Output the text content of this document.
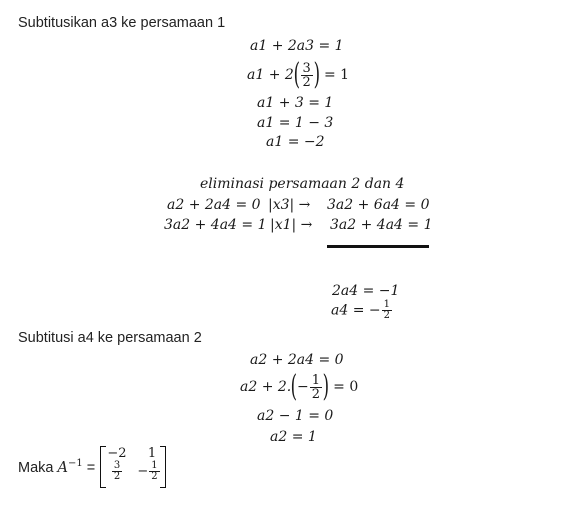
Subtitusikan a3 ke persamaan 1
a1 + 2a3 = 1
$a1 + 2( \frac{3}{2}$ ) = 1
a1 + 3 = 1
a1 = 1 − 3
a1 = −2
eliminasi persamaan 2 dan 4
a2 + 2a4 = 0 |x3| → 3a2 + 6a4 = 0
3a2 + 4a4 = 1 |x1| → 3a2 + 4a4 = 1
2a4 = −1
a4 = − $\frac{1}{2}$
Subtitusi a4 ke persamaan 2
a2 + 2a4 = 0
$a2 + 2.(- \frac{1}{2}$ ) = 0
a2 − 1 = 0
a2 = 1
Maka $A^{-1}$ =
−2	1
$\frac{3}{2} - \frac{1}{2}$
